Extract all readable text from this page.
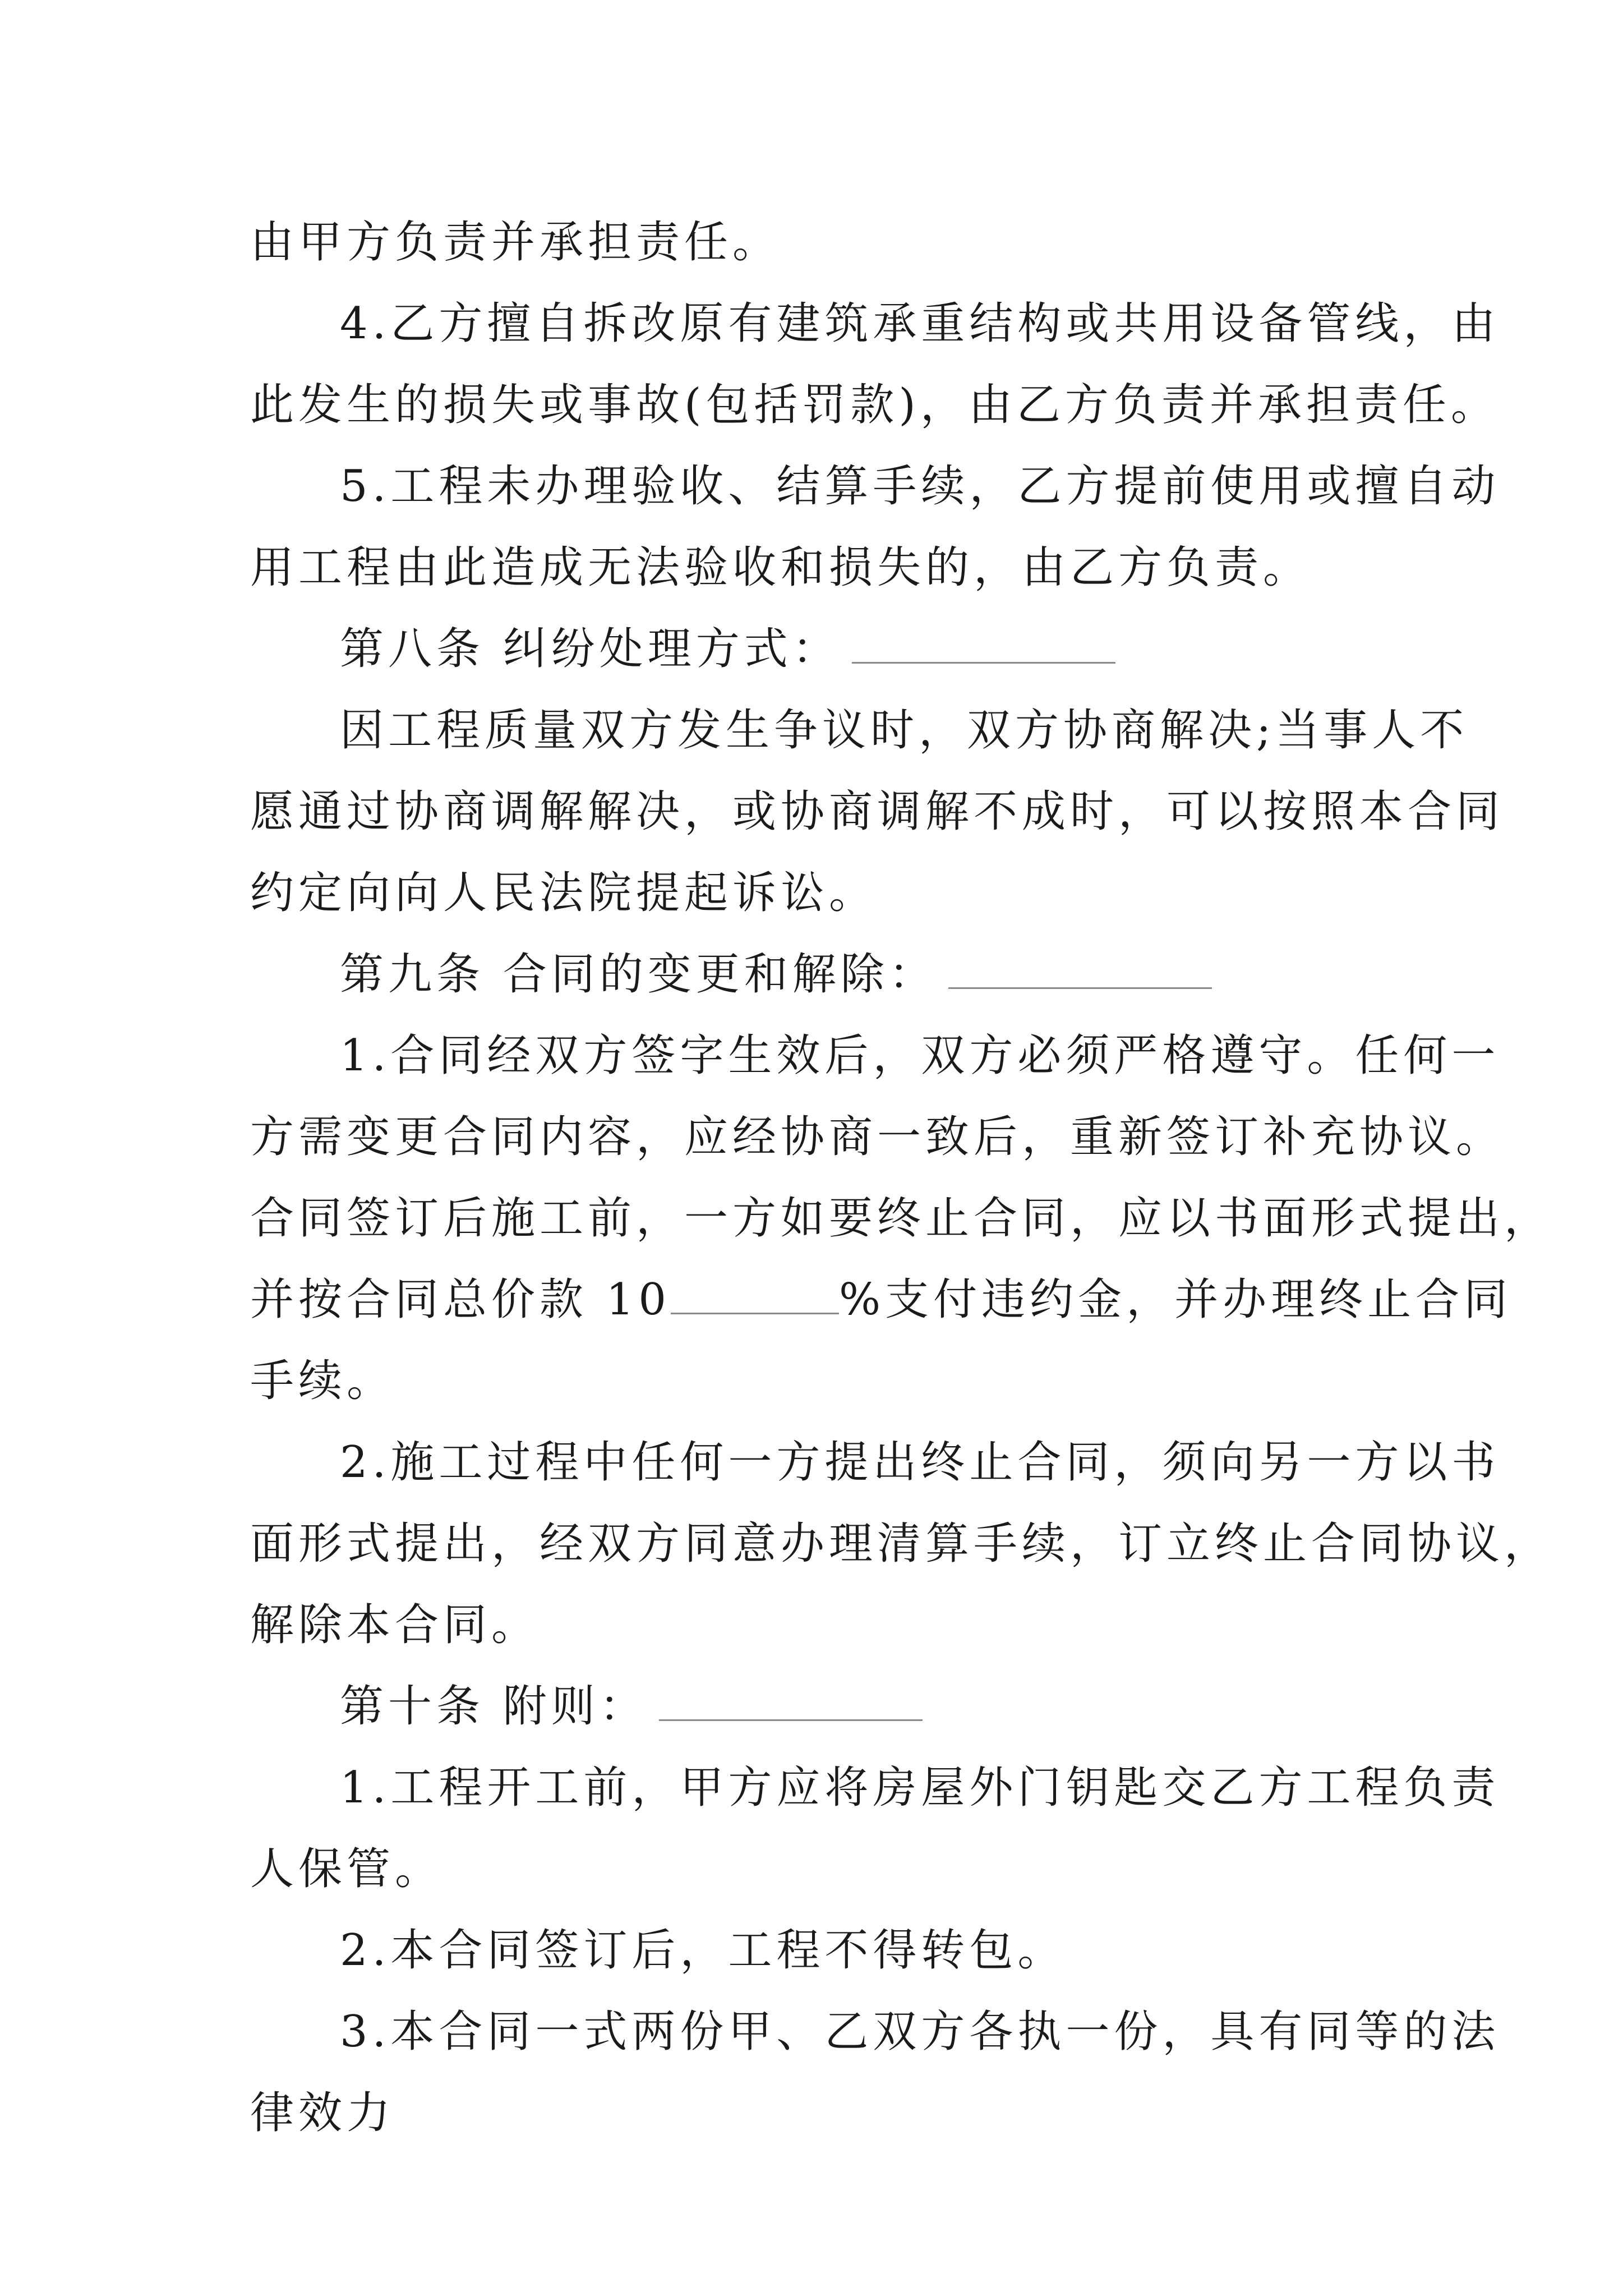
由甲方负责并承担责任。
4.乙方擅自拆改原有建筑承重结构或共用设备管线，由
此发生的损失或事故(包括罚款)，由乙方负责并承担责任。
5.工程未办理验收、结算手续，乙方提前使用或擅自动
用工程由此造成无法验收和损失的，由乙方负责。
第八条 纠纷处理方式：
因工程质量双方发生争议时，双方协商解决;当事人不
愿通过协商调解解决，或协商调解不成时，可以按照本合同
约定向向人民法院提起诉讼。
第九条 合同的变更和解除：
1.合同经双方签字生效后，双方必须严格遵守。任何一
方需变更合同内容，应经协商一致后，重新签订补充协议。
合同签订后施工前，一方如要终止合同，应以书面形式提出，
并按合同总价款 10	%支付违约金，并办理终止合同
手续。
2.施工过程中任何一方提出终止合同，须向另一方以书
面形式提出，经双方同意办理清算手续，订立终止合同协议，
解除本合同。
第十条 附则：
1.工程开工前，甲方应将房屋外门钥匙交乙方工程负责
人保管。
2.本合同签订后，工程不得转包。
3.本合同一式两份甲、乙双方各执一份，具有同等的法
律效力
